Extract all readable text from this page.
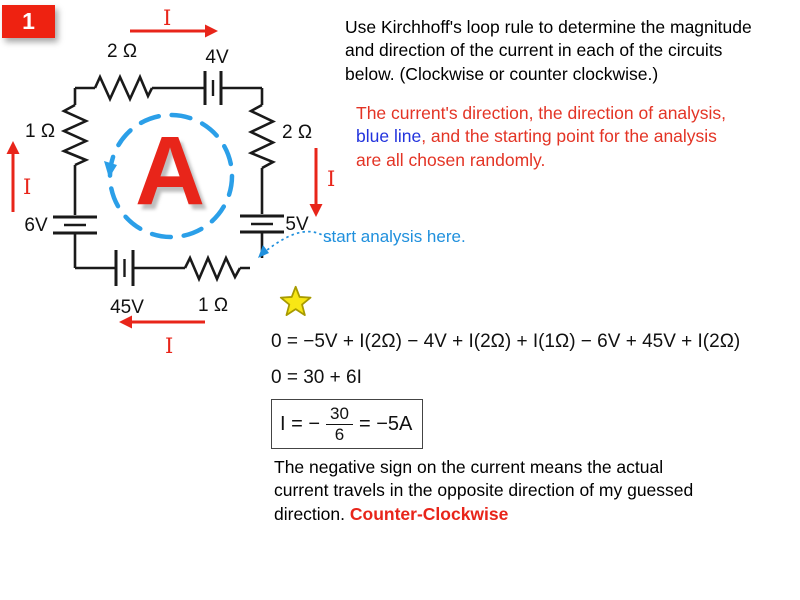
1
2 Ω	4V
1 Ω	2 Ω
6V	5V
45V	1 Ω
I
I	I
I
A
Use Kirchhoff's loop rule to determine the magnitude
and direction of the current in each of the circuits
below. (Clockwise or counter clockwise.)
The current's direction, the direction of analysis,
blue line, and the starting point for the analysis
are all chosen randomly.
start analysis here.
0 = −5V + I(2Ω) − 4V + I(2Ω) + I(1Ω) − 6V + 45V + I(2Ω)
0 = 30 + 6I
I = − $\frac{30}{6} = -5A$
The negative sign on the current means the actual
current travels in the opposite direction of my guessed
direction. Counter-Clockwise
